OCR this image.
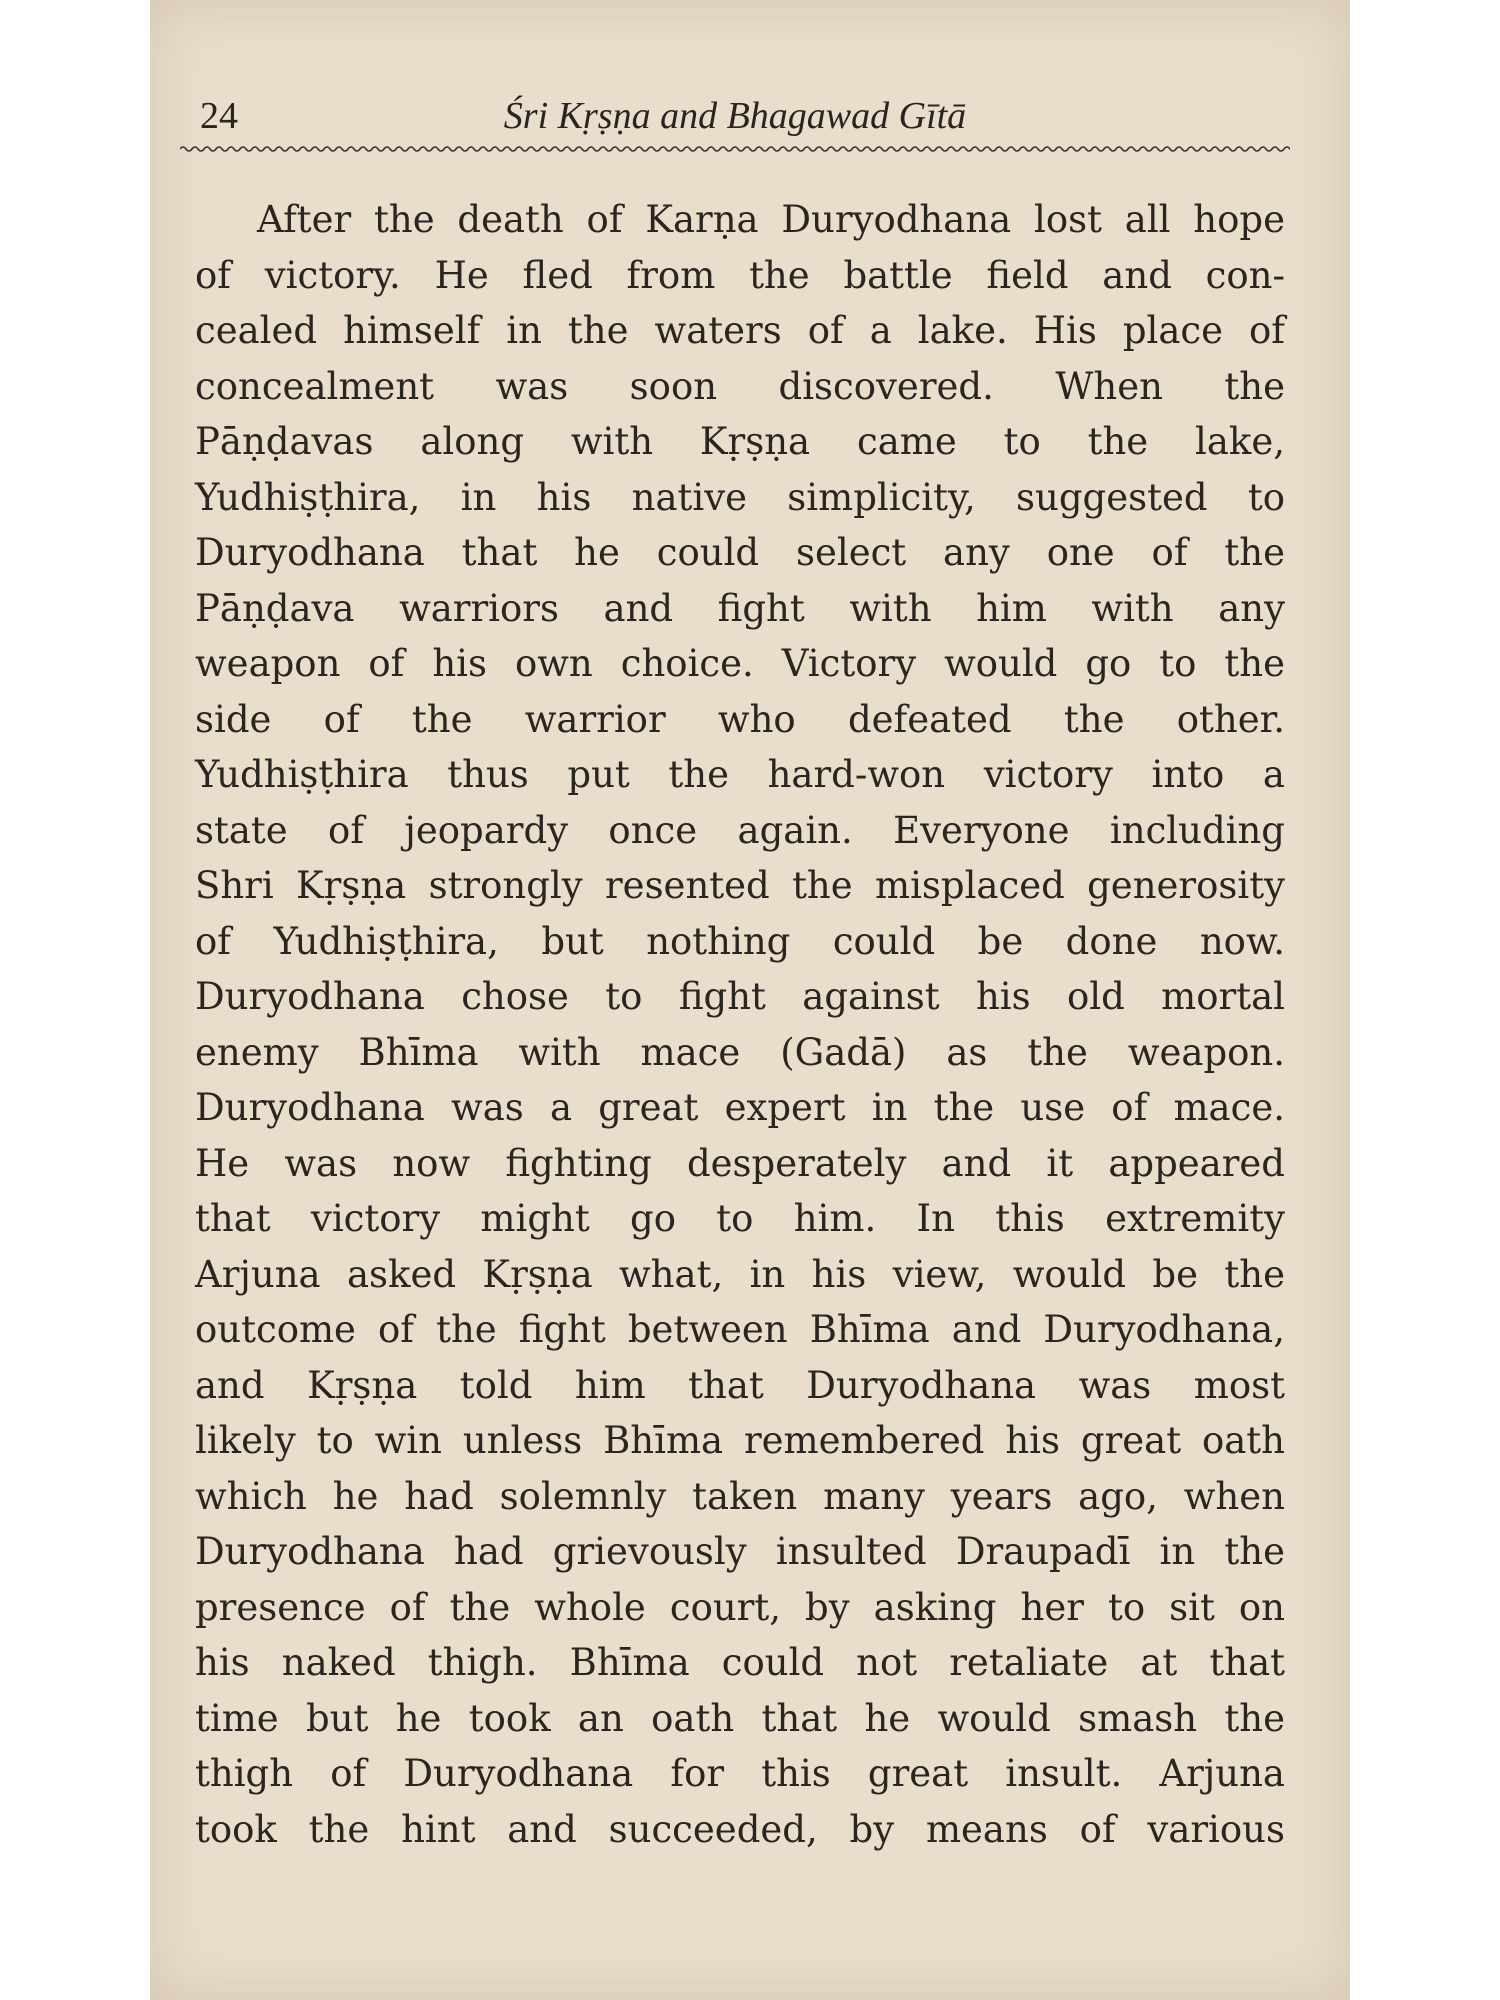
24	Śri Kṛṣṇa and Bhagawad Gītā
After the death of Karṇa Duryodhana lost all hope
of victory. He fled from the battle field and con-
cealed himself in the waters of a lake. His place of
concealment was soon discovered. When the
Pāṇḍavas along with Kṛṣṇa came to the lake,
Yudhiṣṭhira, in his native simplicity, suggested to
Duryodhana that he could select any one of the
Pāṇḍava warriors and fight with him with any
weapon of his own choice. Victory would go to the
side of the warrior who defeated the other.
Yudhiṣṭhira thus put the hard-won victory into a
state of jeopardy once again. Everyone including
Shri Kṛṣṇa strongly resented the misplaced generosity
of Yudhiṣṭhira, but nothing could be done now.
Duryodhana chose to fight against his old mortal
enemy Bhīma with mace (Gadā) as the weapon.
Duryodhana was a great expert in the use of mace.
He was now fighting desperately and it appeared
that victory might go to him. In this extremity
Arjuna asked Kṛṣṇa what, in his view, would be the
outcome of the fight between Bhīma and Duryodhana,
and Kṛṣṇa told him that Duryodhana was most
likely to win unless Bhīma remembered his great oath
which he had solemnly taken many years ago, when
Duryodhana had grievously insulted Draupadī in the
presence of the whole court, by asking her to sit on
his naked thigh. Bhīma could not retaliate at that
time but he took an oath that he would smash the
thigh of Duryodhana for this great insult. Arjuna
took the hint and succeeded, by means of various
